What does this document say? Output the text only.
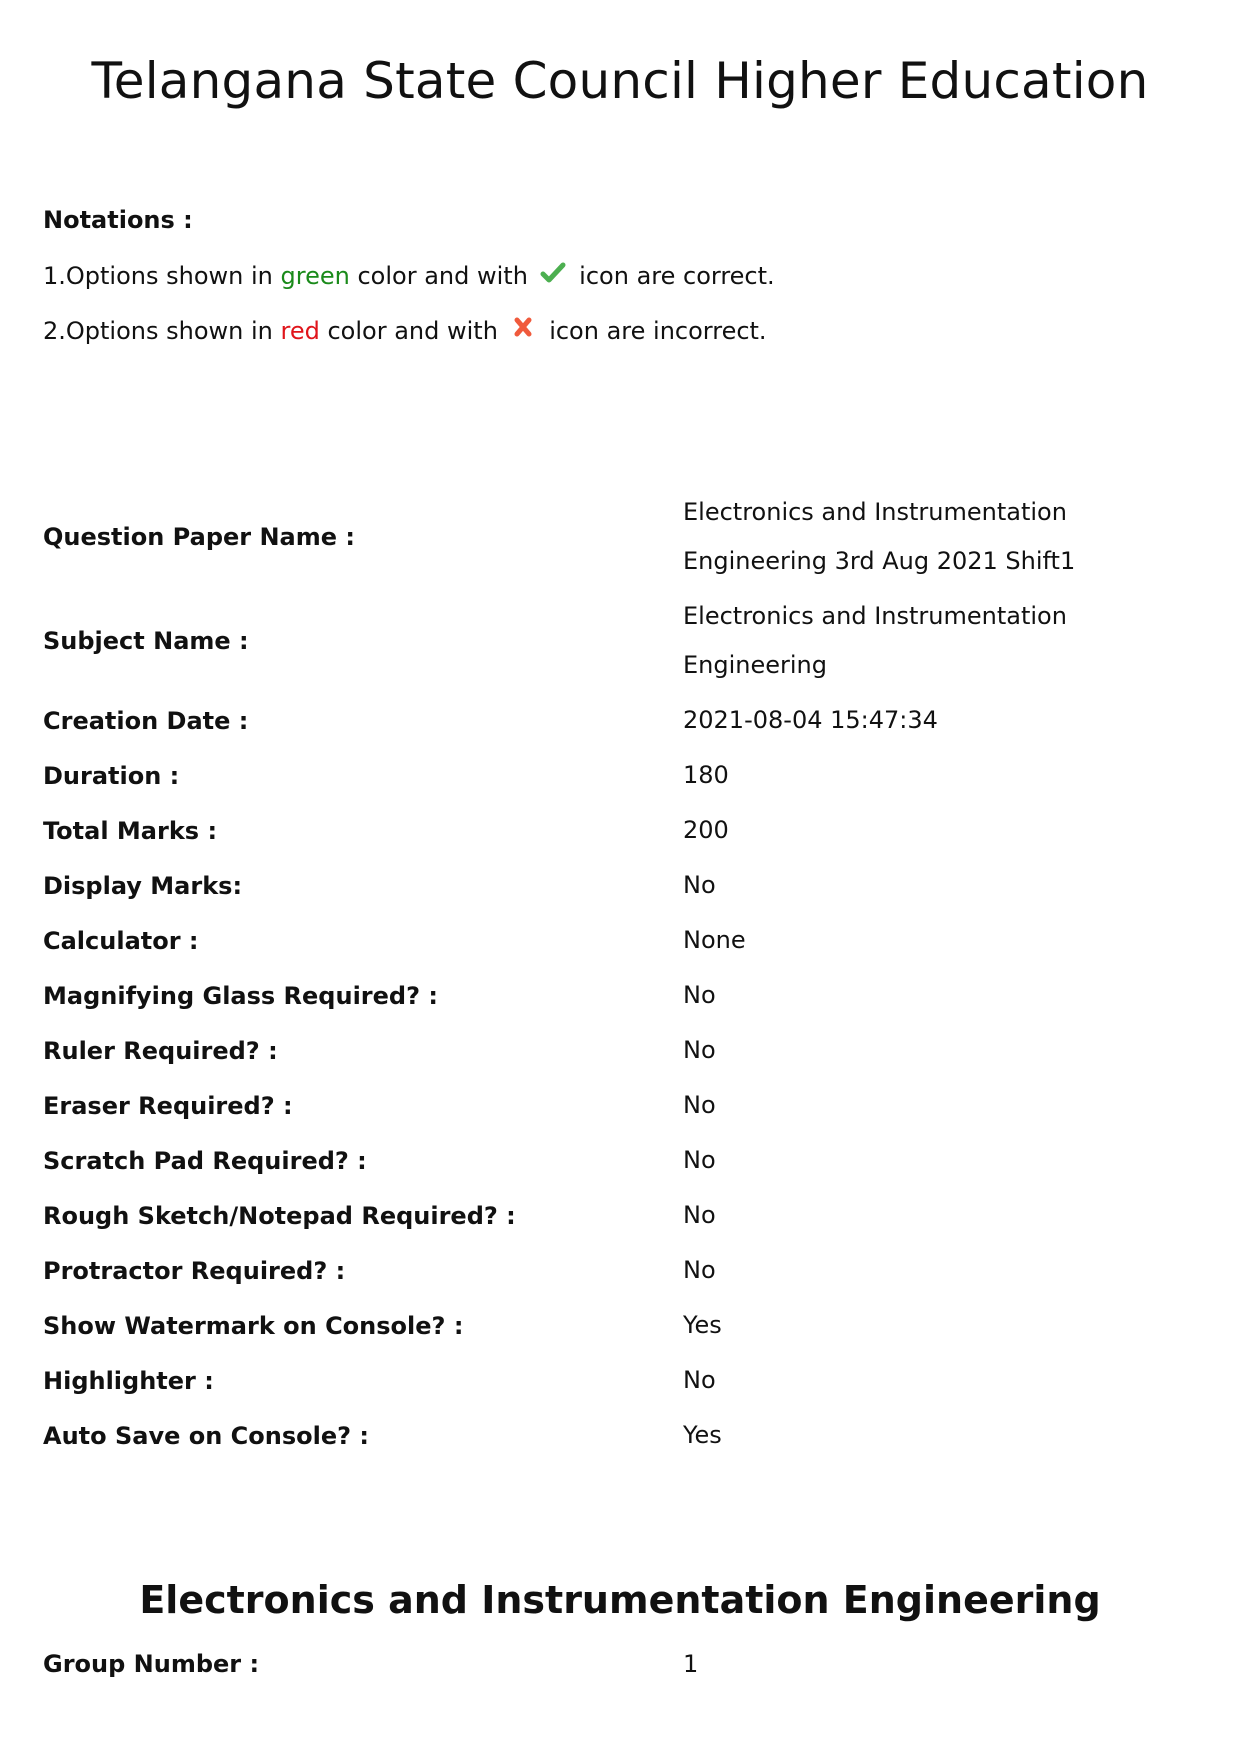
Telangana State Council Higher Education
Notations :
1.Options shown in green color and with  icon are correct.
2.Options shown in red color and with  icon are incorrect.
Question Paper Name :
Electronics and Instrumentation
Engineering 3rd Aug 2021 Shift1
Subject Name :
Electronics and Instrumentation
Engineering
Creation Date :	2021-08-04 15:47:34
Duration :	180
Total Marks :	200
Display Marks:	No
Calculator :	None
Magnifying Glass Required? :	No
Ruler Required? :	No
Eraser Required? :	No
Scratch Pad Required? :	No
Rough Sketch/Notepad Required? :	No
Protractor Required? :	No
Show Watermark on Console? :	Yes
Highlighter :	No
Auto Save on Console? :	Yes
Electronics and Instrumentation Engineering
Group Number :	1
